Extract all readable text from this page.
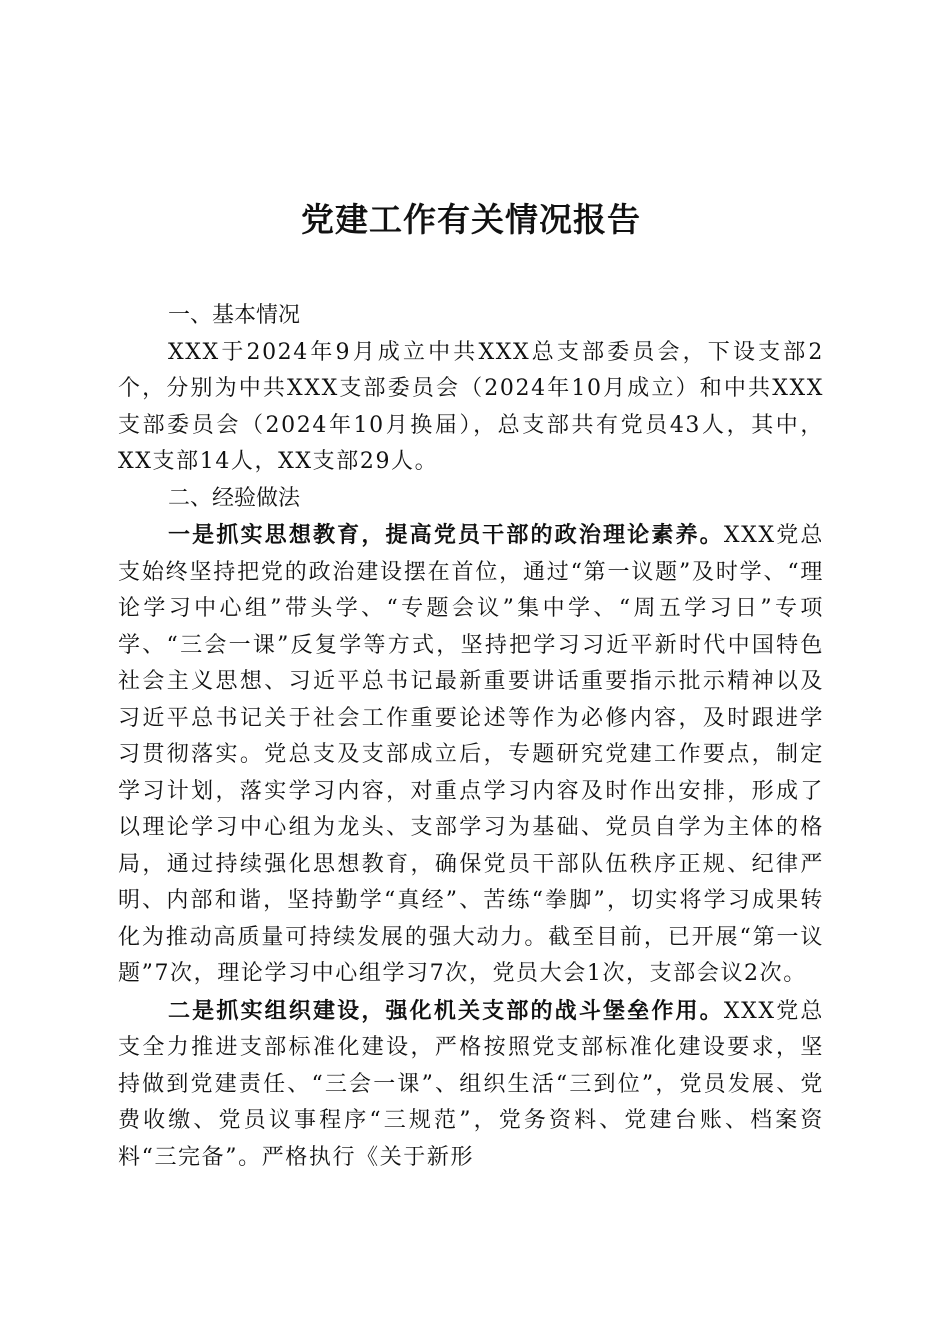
党建工作有关情况报告
一、基本情况

XXX于2024年9月成立中共XXX总支部委员会，下设支部2个，分别为中共XXX支部委员会（2024年10月成立）和中共XXX支部委员会（2024年10月换届），总支部共有党员43人，其中，XX支部14人，XX支部29人。

二、经验做法

一是抓实思想教育，提高党员干部的政治理论素养。XXX党总支始终坚持把党的政治建设摆在首位，通过“第一议题”及时学、“理论学习中心组”带头学、“专题会议”集中学、“周五学习日”专项学、“三会一课”反复学等方式，坚持把学习习近平新时代中国特色社会主义思想、习近平总书记最新重要讲话重要指示批示精神以及习近平总书记关于社会工作重要论述等作为必修内容，及时跟进学习贯彻落实。党总支及支部成立后，专题研究党建工作要点，制定学习计划，落实学习内容，对重点学习内容及时作出安排，形成了以理论学习中心组为龙头、支部学习为基础、党员自学为主体的格局，通过持续强化思想教育，确保党员干部队伍秩序正规、纪律严明、内部和谐，坚持勤学“真经”、苦练“拳脚”，切实将学习成果转化为推动高质量可持续发展的强大动力。截至目前，已开展“第一议题”7次，理论学习中心组学习7次，党员大会1次，支部会议2次。

二是抓实组织建设，强化机关支部的战斗堡垒作用。XXX党总支全力推进支部标准化建设，严格按照党支部标准化建设要求，坚持做到党建责任、“三会一课”、组织生活“三到位”，党员发展、党费收缴、党员议事程序“三规范”，党务资料、党建台账、档案资料“三完备”。严格执行《关于新形
